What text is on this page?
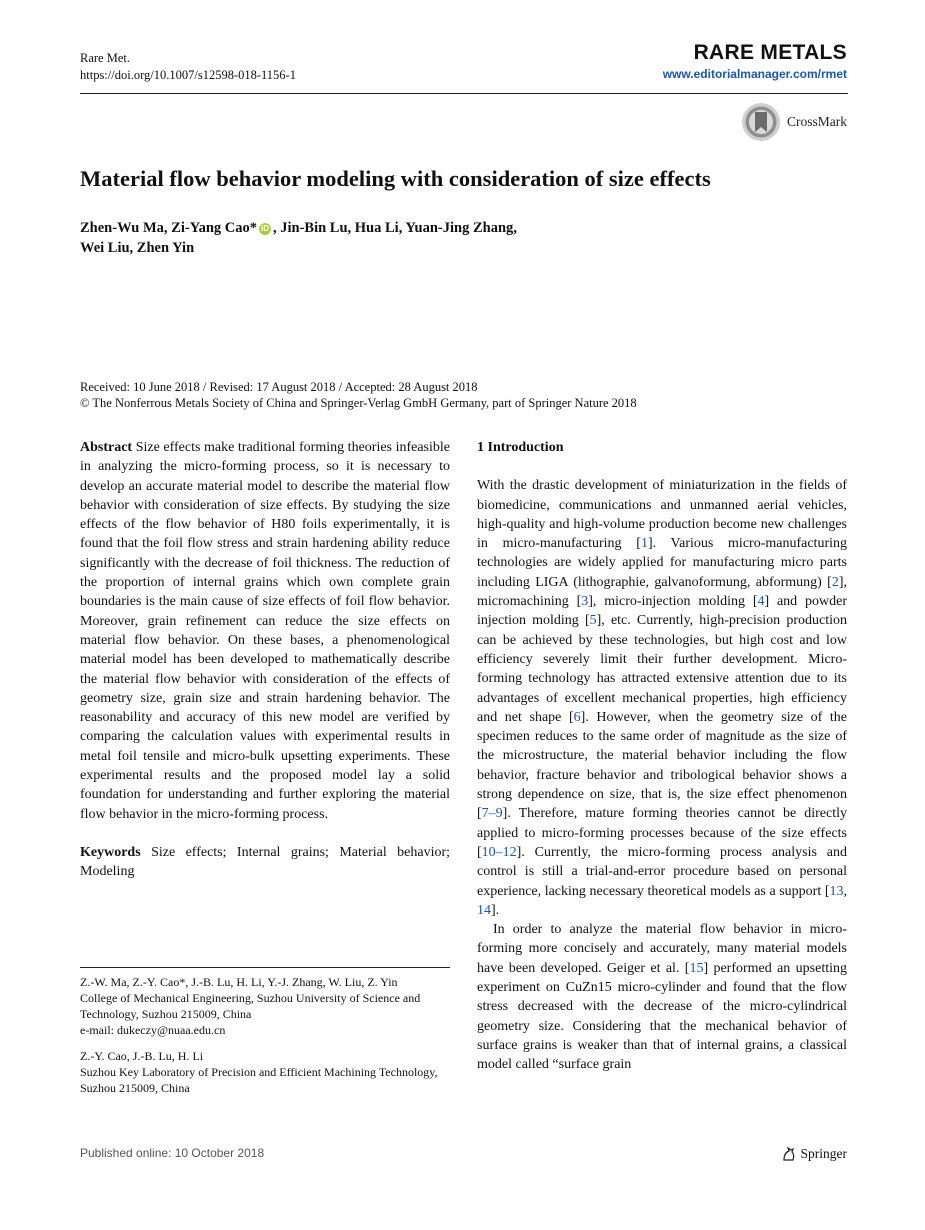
Rare Met.
https://doi.org/10.1007/s12598-018-1156-1
RARE METALS
www.editorialmanager.com/rmet
CrossMark
Material flow behavior modeling with consideration of size effects
Zhen-Wu Ma, Zi-Yang Cao* iD , Jin-Bin Lu, Hua Li, Yuan-Jing Zhang,
Wei Liu, Zhen Yin
Received: 10 June 2018 / Revised: 17 August 2018 / Accepted: 28 August 2018
© The Nonferrous Metals Society of China and Springer-Verlag GmbH Germany, part of Springer Nature 2018

Abstract Size effects make traditional forming theories infeasible in analyzing the micro-forming process, so it is necessary to develop an accurate material model to describe the material flow behavior with consideration of size effects. By studying the size effects of the flow behavior of H80 foils experimentally, it is found that the foil flow stress and strain hardening ability reduce significantly with the decrease of foil thickness. The reduction of the proportion of internal grains which own complete grain boundaries is the main cause of size effects of foil flow behavior. Moreover, grain refinement can reduce the size effects on material flow behavior. On these bases, a phenomenological material model has been developed to mathematically describe the material flow behavior with consideration of the effects of geometry size, grain size and strain hardening behavior. The reasonability and accuracy of this new model are verified by comparing the calculation values with experimental results in metal foil tensile and micro-bulk upsetting experiments. These experimental results and the proposed model lay a solid foundation for understanding and further exploring the material flow behavior in the micro-forming process.

Keywords Size effects; Internal grains; Material behavior; Modeling

Z.-W. Ma, Z.-Y. Cao*, J.-B. Lu, H. Li, Y.-J. Zhang, W. Liu, Z. Yin

College of Mechanical Engineering, Suzhou University of Science and Technology, Suzhou 215009, China

e-mail: dukeczy@nuaa.edu.cn

Z.-Y. Cao, J.-B. Lu, H. Li

Suzhou Key Laboratory of Precision and Efficient Machining Technology, Suzhou 215009, China

1 Introduction

With the drastic development of miniaturization in the fields of biomedicine, communications and unmanned aerial vehicles, high-quality and high-volume production become new challenges in micro-manufacturing [1]. Various micro-manufacturing technologies are widely applied for manufacturing micro parts including LIGA (lithographie, galvanoformung, abformung) [2], micromachining [3], micro-injection molding [4] and powder injection molding [5], etc. Currently, high-precision production can be achieved by these technologies, but high cost and low efficiency severely limit their further development. Micro-forming technology has attracted extensive attention due to its advantages of excellent mechanical properties, high efficiency and net shape [6]. However, when the geometry size of the specimen reduces to the same order of magnitude as the size of the microstructure, the material behavior including the flow behavior, fracture behavior and tribological behavior shows a strong dependence on size, that is, the size effect phenomenon [7–9]. Therefore, mature forming theories cannot be directly applied to micro-forming processes because of the size effects [10–12]. Currently, the micro-forming process analysis and control is still a trial-and-error procedure based on personal experience, lacking necessary theoretical models as a support [13, 14].

In order to analyze the material flow behavior in micro-forming more concisely and accurately, many material models have been developed. Geiger et al. [15] performed an upsetting experiment on CuZn15 micro-cylinder and found that the flow stress decreased with the decrease of the micro-cylindrical geometry size. Considering that the mechanical behavior of surface grains is weaker than that of internal grains, a classical model called “surface grain

Published online: 10 October 2018	Springer
